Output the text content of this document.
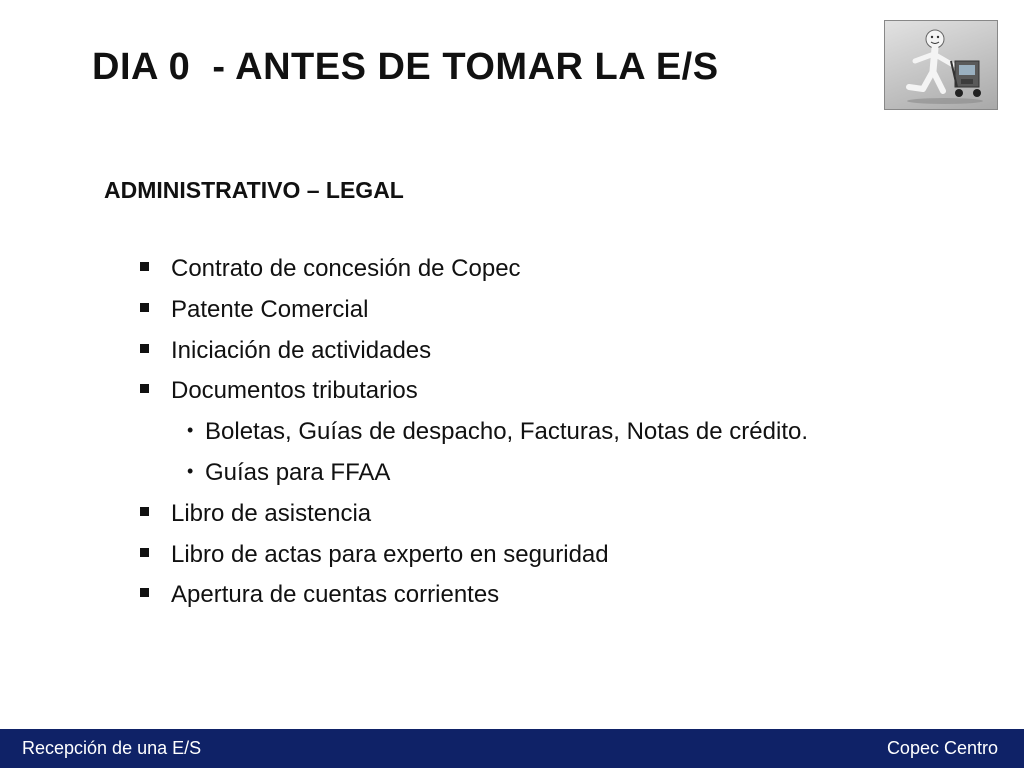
DIA 0  - ANTES DE TOMAR LA E/S
ADMINISTRATIVO – LEGAL
Contrato de concesión de Copec
Patente Comercial
Iniciación de actividades
Documentos tributarios
• Boletas, Guías de despacho, Facturas, Notas de crédito.
• Guías para FFAA
Libro de asistencia
Libro de actas para experto en seguridad
Apertura de cuentas corrientes
Recepción de una E/S	Copec Centro
